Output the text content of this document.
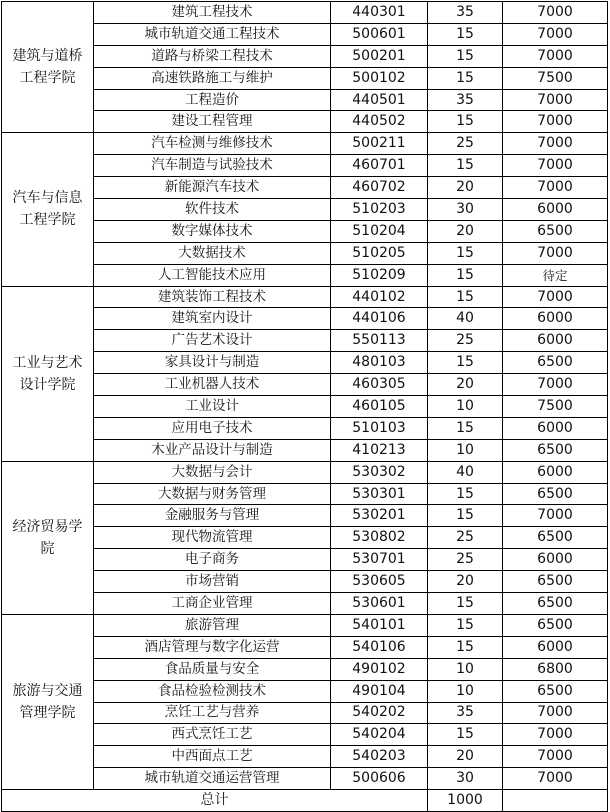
建筑与道桥工程学院	建筑工程技术	440301	35	7000
	城市轨道交通工程技术	500601	15	7000
	道路与桥梁工程技术	500201	15	7000
	高速铁路施工与维护	500102	15	7500
	工程造价	440501	35	7000
	建设工程管理	440502	15	7000
汽车与信息工程学院	汽车检测与维修技术	500211	25	7000
	汽车制造与试验技术	460701	15	7000
	新能源汽车技术	460702	20	7000
	软件技术	510203	30	6000
	数字媒体技术	510204	20	6500
	大数据技术	510205	15	7000
	人工智能技术应用	510209	15	待定
工业与艺术设计学院	建筑装饰工程技术	440102	15	7000
	建筑室内设计	440106	40	6000
	广告艺术设计	550113	25	6000
	家具设计与制造	480103	15	6500
	工业机器人技术	460305	20	7000
	工业设计	460105	10	7500
	应用电子技术	510103	15	6000
	木业产品设计与制造	410213	10	6500
经济贸易学院	大数据与会计	530302	40	6000
	大数据与财务管理	530301	15	6500
	金融服务与管理	530201	15	7000
	现代物流管理	530802	25	6500
	电子商务	530701	25	6000
	市场营销	530605	20	6500
	工商企业管理	530601	15	6500
旅游与交通管理学院	旅游管理	540101	15	6500
	酒店管理与数字化运营	540106	15	6000
	食品质量与安全	490102	10	6800
	食品检验检测技术	490104	10	6500
	烹饪工艺与营养	540202	35	7000
	西式烹饪工艺	540204	15	7000
	中西面点工艺	540203	20	7000
	城市轨道交通运营管理	500606	30	7000
总计			1000	
